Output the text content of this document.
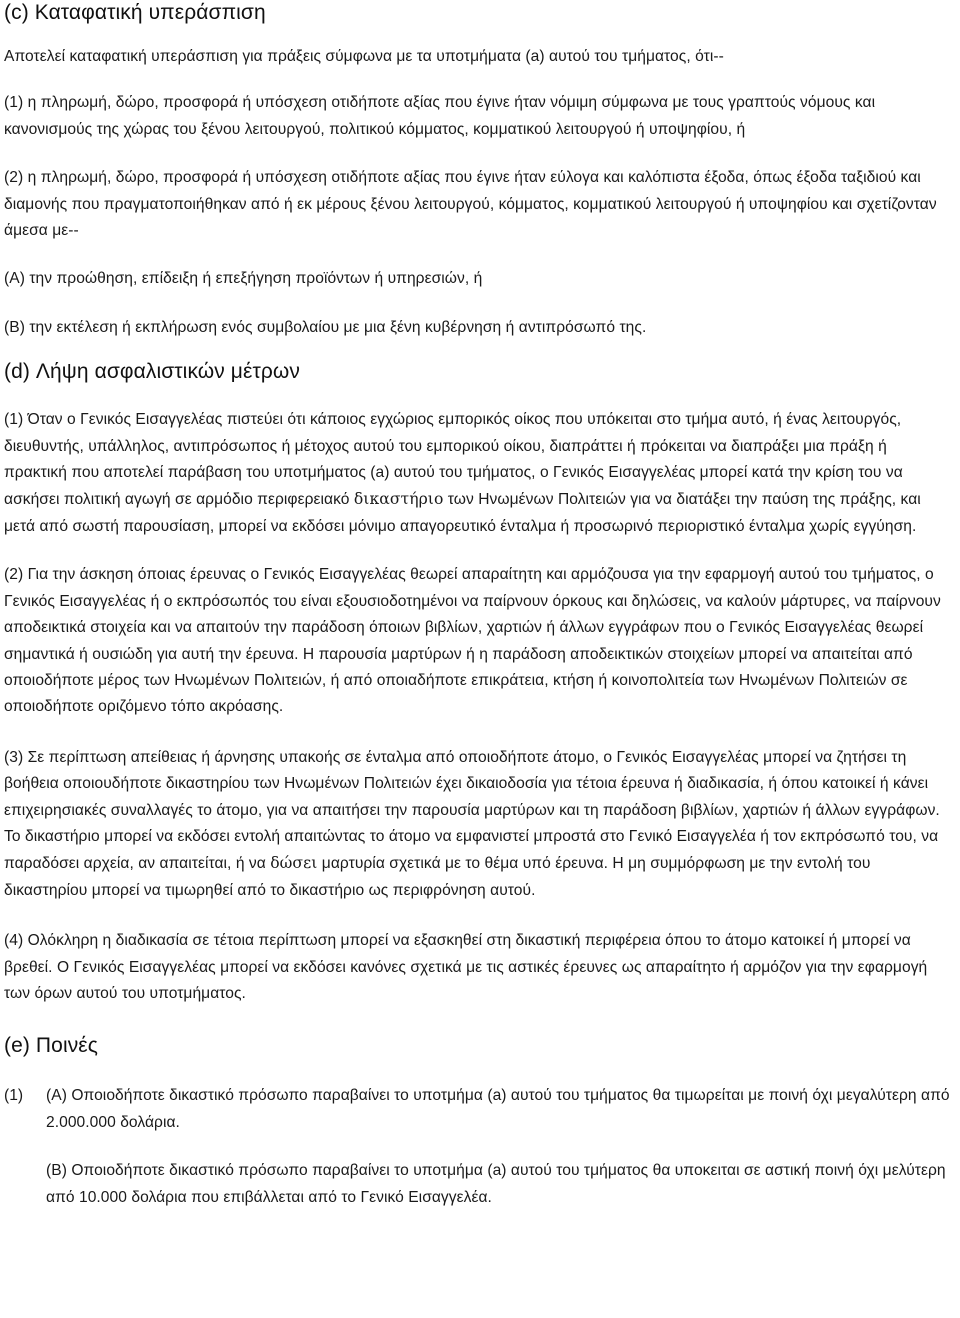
(c) Καταφατική υπεράσπιση

Αποτελεί καταφατική υπεράσπιση για πράξεις σύμφωνα με τα υποτμήματα (a) αυτού του τμήματος, ότι--

(1) η πληρωμή, δώρο, προσφορά ή υπόσχεση οτιδήποτε αξίας που έγινε ήταν νόμιμη σύμφωνα με τους γραπτούς νόμους και κανονισμούς της χώρας του ξένου λειτουργού, πολιτικού κόμματος, κομματικού λειτουργού ή υποψηφίου, ή

(2) η πληρωμή, δώρο, προσφορά ή υπόσχεση οτιδήποτε αξίας που έγινε ήταν εύλογα και καλόπιστα έξοδα, όπως έξοδα ταξιδιού και διαμονής που πραγματοποιήθηκαν από ή εκ μέρους ξένου λειτουργού, κόμματος, κομματικού λειτουργού ή υποψηφίου και σχετίζονταν άμεσα με--

(A) την προώθηση, επίδειξη ή επεξήγηση προϊόντων ή υπηρεσιών, ή

(B) την εκτέλεση ή εκπλήρωση ενός συμβολαίου με μια ξένη κυβέρνηση ή αντιπρόσωπό της.

(d) Λήψη ασφαλιστικών μέτρων

(1) Όταν ο Γενικός Εισαγγελέας πιστεύει ότι κάποιος εγχώριος εμπορικός οίκος που υπόκειται στο τμήμα αυτό, ή ένας λειτουργός, διευθυντής, υπάλληλος, αντιπρόσωπος ή μέτοχος αυτού του εμπορικού οίκου, διαπράττει ή πρόκειται να διαπράξει μια πράξη ή πρακτική που αποτελεί παράβαση του υποτμήματος (a) αυτού του τμήματος, ο Γενικός Εισαγγελέας μπορεί κατά την κρίση του να ασκήσει πολιτική αγωγή σε αρμόδιο περιφερειακό δικαστήριο των Ηνωμένων Πολιτειών για να διατάξει την παύση της πράξης, και μετά από σωστή παρουσίαση, μπορεί να εκδόσει μόνιμο απαγορευτικό ένταλμα ή προσωρινό περιοριστικό ένταλμα χωρίς εγγύηση.

(2) Για την άσκηση όποιας έρευνας ο Γενικός Εισαγγελέας θεωρεί απαραίτητη και αρμόζουσα για την εφαρμογή αυτού του τμήματος, ο Γενικός Εισαγγελέας ή ο εκπρόσωπός του είναι εξουσιοδοτημένοι να παίρνουν όρκους και δηλώσεις, να καλούν μάρτυρες, να παίρνουν αποδεικτικά στοιχεία και να απαιτούν την παράδοση όποιων βιβλίων, χαρτιών ή άλλων εγγράφων που ο Γενικός Εισαγγελέας θεωρεί σημαντικά ή ουσιώδη για αυτή την έρευνα. Η παρουσία μαρτύρων ή η παράδοση αποδεικτικών στοιχείων μπορεί να απαιτείται από οποιοδήποτε μέρος των Ηνωμένων Πολιτειών, ή από οποιαδήποτε επικράτεια, κτήση ή κοινοπολιτεία των Ηνωμένων Πολιτειών σε οποιοδήποτε οριζόμενο τόπο ακρόασης.

(3) Σε περίπτωση απείθειας ή άρνησης υπακοής σε ένταλμα από οποιοδήποτε άτομο, ο Γενικός Εισαγγελέας μπορεί να ζητήσει τη βοήθεια οποιουδήποτε δικαστηρίου των Ηνωμένων Πολιτειών έχει δικαιοδοσία για τέτοια έρευνα ή διαδικασία, ή όπου κατοικεί ή κάνει επιχειρησιακές συναλλαγές το άτομο, για να απαιτήσει την παρουσία μαρτύρων και τη παράδοση βιβλίων, χαρτιών ή άλλων εγγράφων. Το δικαστήριο μπορεί να εκδόσει εντολή απαιτώντας το άτομο να εμφανιστεί μπροστά στο Γενικό Εισαγγελέα ή τον εκπρόσωπό του, να παραδόσει αρχεία, αν απαιτείται, ή να δώσει μαρτυρία σχετικά με το θέμα υπό έρευνα. Η μη συμμόρφωση με την εντολή του δικαστηρίου μπορεί να τιμωρηθεί από το δικαστήριο ως περιφρόνηση αυτού.

(4) Ολόκληρη η διαδικασία σε τέτοια περίπτωση μπορεί να εξασκηθεί στη δικαστική περιφέρεια όπου το άτομο κατοικεί ή μπορεί να βρεθεί. Ο Γενικός Εισαγγελέας μπορεί να εκδόσει κανόνες σχετικά με τις αστικές έρευνες ως απαραίτητο ή αρμόζον για την εφαρμογή των όρων αυτού του υποτμήματος.

(e) Ποινές
(1)	(A) Οποιοδήποτε δικαστικό πρόσωπο παραβαίνει το υποτμήμα (a) αυτού του τμήματος θα τιμωρείται με ποινή όχι μεγαλύτερη από 2.000.000 δολάρια.

(B) Οποιοδήποτε δικαστικό πρόσωπο παραβαίνει το υποτμήμα (a) αυτού του τμήματος θα υποκειται σε αστική ποινή όχι μελύτερη από 10.000 δολάρια που επιβάλλεται από το Γενικό Εισαγγελέα.
